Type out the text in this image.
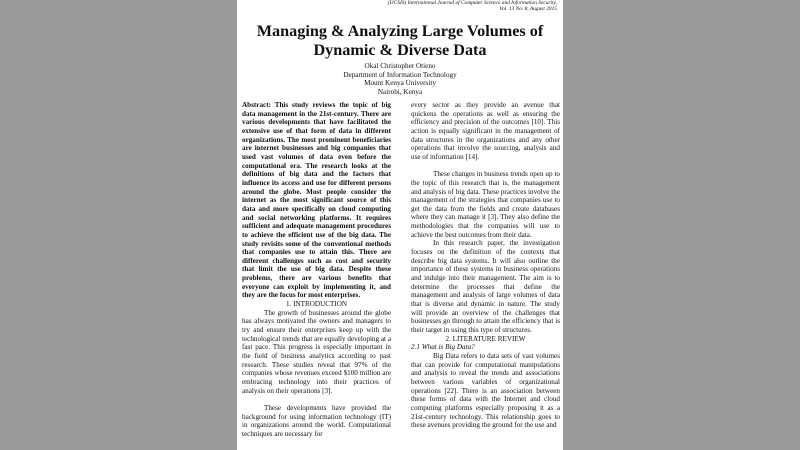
(IJCSIS) International Journal of Computer Science and Information Security,
Vol. 13 No. 8, August 2015
Managing & Analyzing Large Volumes of
Dynamic & Diverse Data
Okal Christopher Otieno
Department of Information Technology
Mount Kenya University
Nairobi, Kenya

Abstract: This study reviews the topic of big data management in the 21st-century. There are various developments that have facilitated the extensive use of that form of data in different organizations. The most prominent beneficiaries are internet businesses and big companies that used vast volumes of data even before the computational era. The research looks at the definitions of big data and the factors that influence its access and use for different persons around the globe. Most people consider the internet as the most significant source of this data and more specifically on cloud computing and social networking platforms. It requires sufficient and adequate management procedures to achieve the efficient use of the big data. The study revisits some of the conventional methods that companies use to attain this. There are different challenges such as cost and security that limit the use of big data. Despite these problems, there are various benefits that everyone can exploit by implementing it, and they are the focus for most enterprises.

1. INTRODUCTION

The growth of businesses around the globe has always motivated the owners and managers to try and ensure their enterprises keep up with the technological trends that are equally developing at a fast pace. This progress is especially important in the field of business analytics according to past research. These studies reveal that 97% of the companies whose revenues exceed $100 million are embracing technology into their practices of analysis on their operations [3].

These developments have provided the background for using information technology (IT) in organizations around the world. Computational techniques are necessary for

every sector as they provide an avenue that quickens the operations as well as ensuring the efficiency and precision of the outcomes [10]. This action is equally significant in the management of data structures in the organizations and any other operations that involve the sourcing, analysis and use of information [14].

These changes in business trends open up to the topic of this research that is, the management and analysis of big data. These practices involve the management of the strategies that companies use to get the data from the fields and create databases where they can manage it [3]. They also define the methodologies that the companies will use to achieve the best outcomes from their data.

In this research paper, the investigation focuses on the definition of the contexts that describe big data systems. It will also outline the importance of these systems in business operations and indulge into their management. The aim is to determine the processes that define the management and analysis of large volumes of data that is diverse and dynamic in nature. The study will provide an overview of the challenges that businesses go through to attain the efficiency that is their target in using this type of structures.

2. LITERATURE REVIEW

2.1 What is Big Data?

Big Data refers to data sets of vast volumes that can provide for computational manipulations and analysis to reveal the trends and associations between various variables of organizational operations [22]. There is an association between these forms of data with the Internet and cloud computing platforms especially proposing it as a 21st-century technology. This relationship goes to these avenues providing the ground for the use and
